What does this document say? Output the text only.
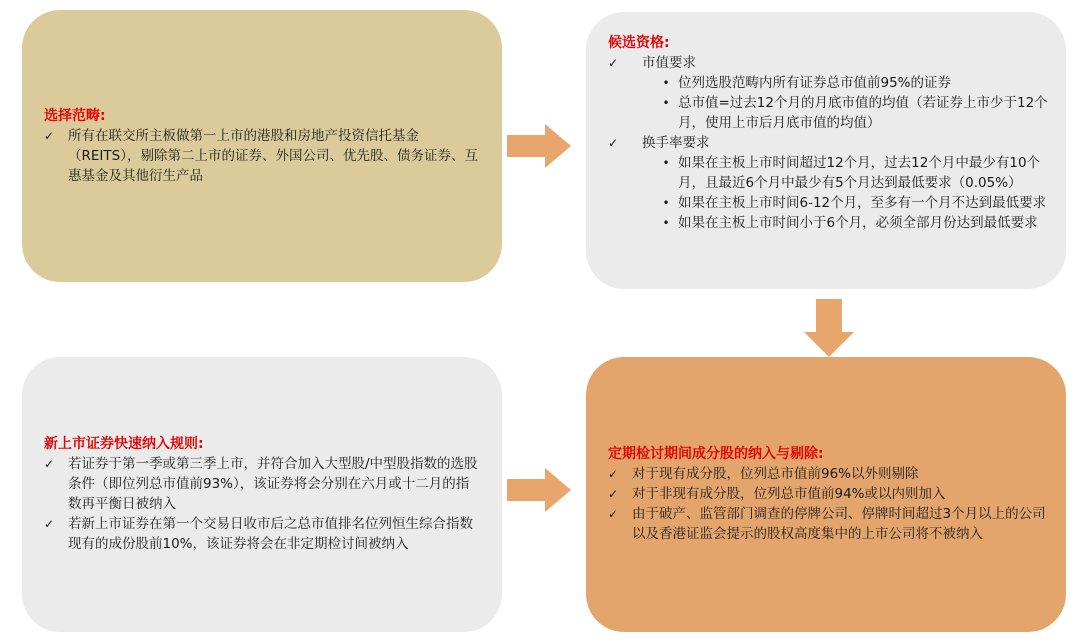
选择范畴:
✓	所有在联交所主板做第一上市的港股和房地产投资信托基金（REITS），剔除第二上市的证券、外国公司、优先股、债务证券、互惠基金及其他衍生产品
候选资格:
✓	市值要求
• 位列选股范畴内所有证券总市值前95%的证券
• 总市值=过去12个月的月底市值的均值（若证券上市少于12个月，使用上市后月底市值的均值）
✓	换手率要求
• 如果在主板上市时间超过12个月，过去12个月中最少有10个月，且最近6个月中最少有5个月达到最低要求（0.05%）
• 如果在主板上市时间6-12个月，至多有一个月不达到最低要求
• 如果在主板上市时间小于6个月，必须全部月份达到最低要求
新上市证券快速纳入规则:
✓	若证券于第一季或第三季上市，并符合加入大型股/中型股指数的选股条件（即位列总市值前93%），该证券将会分别在六月或十二月的指数再平衡日被纳入
✓	若新上市证券在第一个交易日收市后之总市值排名位列恒生综合指数现有的成份股前10%，该证券将会在非定期检讨间被纳入
定期检讨期间成分股的纳入与剔除:
✓	对于现有成分股，位列总市值前96%以外则剔除
✓	对于非现有成分股，位列总市值前94%或以内则加入
✓	由于破产、监管部门调查的停牌公司、停牌时间超过3个月以上的公司以及香港证监会提示的股权高度集中的上市公司将不被纳入
